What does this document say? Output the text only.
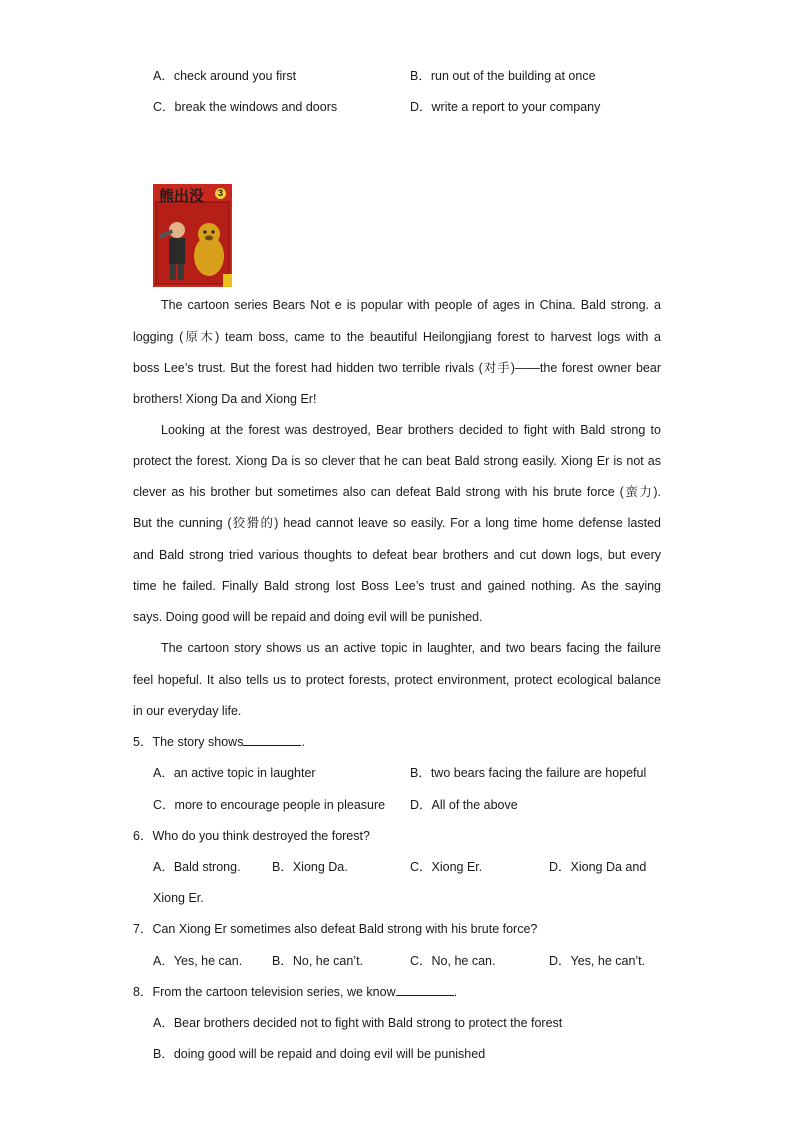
A．check around you first	B．run out of the building at once
C．break the windows and doors	D．write a report to your company
熊出没	3
The cartoon series Bears Not e is popular with people of ages in China. Bald strong. a
logging (原木) team boss, came to the beautiful Heilongjiang forest to harvest logs with a
boss Lee’s trust. But the forest had hidden two terrible rivals (对手)——the forest owner bear
brothers! Xiong Da and Xiong Er!
Looking at the forest was destroyed, Bear brothers decided to fight with Bald strong to
protect the forest. Xiong Da is so clever that he can beat Bald strong easily. Xiong Er is not as
clever as his brother but sometimes also can defeat Bald strong with his brute force (蛮力).
But the cunning (狡猾的) head cannot leave so easily. For a long time home defense lasted
and Bald strong tried various thoughts to defeat bear brothers and cut down logs, but every
time he failed. Finally Bald strong lost Boss Lee’s trust and gained nothing. As the saying
says. Doing good will be repaid and doing evil will be punished.
The cartoon story shows us an active topic in laughter, and two bears facing the failure
feel hopeful. It also tells us to protect forests, protect environment, protect ecological balance
in our everyday life.
5．The story shows	.
A．an active topic in laughter	B．two bears facing the failure are hopeful
C．more to encourage people in pleasure D．All of the above
6．Who do you think destroyed the forest?
A．Bald strong.	B．Xiong Da.	C．Xiong Er.	D．Xiong Da and
Xiong Er.
7．Can Xiong Er sometimes also defeat Bald strong with his brute force?
A．Yes, he can. B．No, he can’t.	C．No, he can.	D．Yes, he can’t.
8．From the cartoon television series, we know	.
A．Bear brothers decided not to fight with Bald strong to protect the forest
B．doing good will be repaid and doing evil will be punished
